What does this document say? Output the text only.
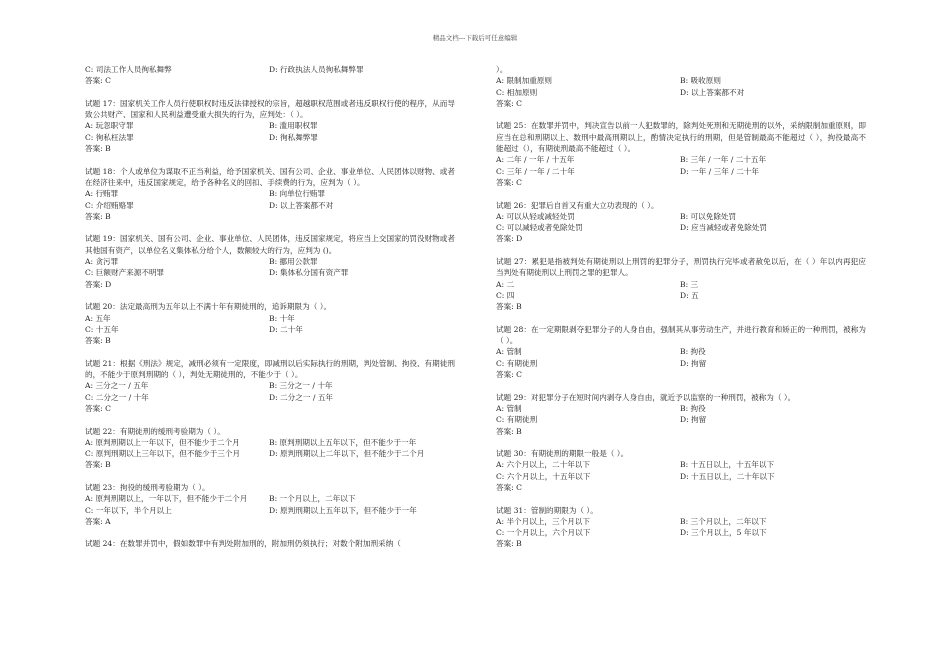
精品文档---下载后可任意编辑
C: 司法工作人员徇私舞弊	D: 行政执法人员徇私舞弊罪
答案: C
试题 17：国家机关工作人员行使职权时违反法律授权的宗旨，超越职权范围或者违反职权行使的程序，从而导致公共财产、国家和人民利益遭受重大损失的行为，应判处：（ ）。
A: 玩忽职守罪	B: 滥用职权罪
C: 徇私枉法罪	D: 徇私舞弊罪
答案: B
试题 18：个人或单位为谋取不正当利益，给予国家机关、国有公司、企业、事业单位、人民团体以财物、或者在经济往来中，违反国家规定，给予各种名义的回扣、手续费的行为，应判为（ ）。
A: 行贿罪	B: 向单位行贿罪
C: 介绍贿赂罪	D: 以上答案都不对
答案: B
试题 19：国家机关、国有公司、企业、事业单位、人民团体，违反国家规定，将应当上交国家的罚没财物或者其他国有资产，以单位名义集体私分给个人，数额较大的行为，应判为 ()。
A: 贪污罪	B: 挪用公款罪
C: 巨额财产来源不明罪	D: 集体私分国有资产罪
答案: D
试题 20：法定最高刑为五年以上不满十年有期徒刑的，追诉期限为（ ）。
A: 五年	B: 十年
C: 十五年	D: 二十年
答案: B
试题 21：根据《刑法》规定，减刑必须有一定限度，即减刑以后实际执行的刑期，判处管制、拘役、有期徒刑的，不能少于原判刑期的（ ），判处无期徒刑的，不能少于（ ）。
A: 三分之一 / 五年	B: 三分之一 / 十年
C: 二分之一 / 十年	D: 二分之一 / 五年
答案: C
试题 22：有期徒刑的缓刑考验期为（ ）。
A: 原判刑期以上一年以下，但不能少于二个月	B: 原判刑期以上五年以下，但不能少于一年
C: 原判刑期以上三年以下，但不能少于三个月	D: 原判刑期以上二年以下，但不能少于二个月
答案: B
试题 23：拘役的缓刑考验期为（ ）。
A: 原判刑期以上，一年以下，但不能少于二个月	B: 一个月以上，二年以下
C: 一年以下，半个月以上	D: 原判刑期以上五年以下，但不能少于一年
答案: A
试题 24：在数罪并罚中，假如数罪中有判处附加刑的，附加刑仍须执行；对数个附加刑采纳（
）。
A: 限制加重原则	B: 吸收原则
C: 相加原则	D: 以上答案都不对
答案: C
试题 25：在数罪并罚中，判决宣告以前一人犯数罪的，除判处死刑和无期徒刑的以外，采纳限制加重原则，即应当在总和刑期以上、数刑中最高刑期以上，酌情决定执行的刑期，但是管制最高不能超过（ ），拘役最高不能超过（），有期徒刑最高不能超过（ ）。
A: 二年 / 一年 / 十五年	B: 三年 / 一年 / 二十五年
C: 三年 / 一年 / 二十年	D: 一年 / 三年 / 二十年
答案: C
试题 26：犯罪后自首又有重大立功表现的（ ）。
A: 可以从轻或减轻处罚	B: 可以免除处罚
C: 可以减轻或者免除处罚	D: 应当减轻或者免除处罚
答案: D
试题 27：累犯是指被判处有期徒刑以上刑罚的犯罪分子，刑罚执行完毕或者赦免以后，在（ ）年以内再犯应当判处有期徒刑以上刑罚之罪的犯罪人。
A: 二	B: 三
C: 四	D: 五
答案: B
试题 28：在一定期限剥夺犯罪分子的人身自由，强制其从事劳动生产，并进行教育和矫正的一种刑罚，被称为（ ）。
A: 管制	B: 拘役
C: 有期徒刑	D: 拘留
答案: C
试题 29：对犯罪分子在短时间内剥夺人身自由，就近予以监察的一种刑罚，被称为（ ）。
A: 管制	B: 拘役
C: 有期徒刑	D: 拘留
答案: B
试题 30：有期徒刑的期限一般是（ ）。
A: 六个月以上，二十年以下	B: 十五日以上，十五年以下
C: 六个月以上，十五年以下	D: 十五日以上，二十年以下
答案: C
试题 31：管制的期限为（ ）。
A: 半个月以上，三个月以下	B: 三个月以上，二年以下
C: 一个月以上，六个月以下	D: 三个月以上，5 年以下
答案: B
